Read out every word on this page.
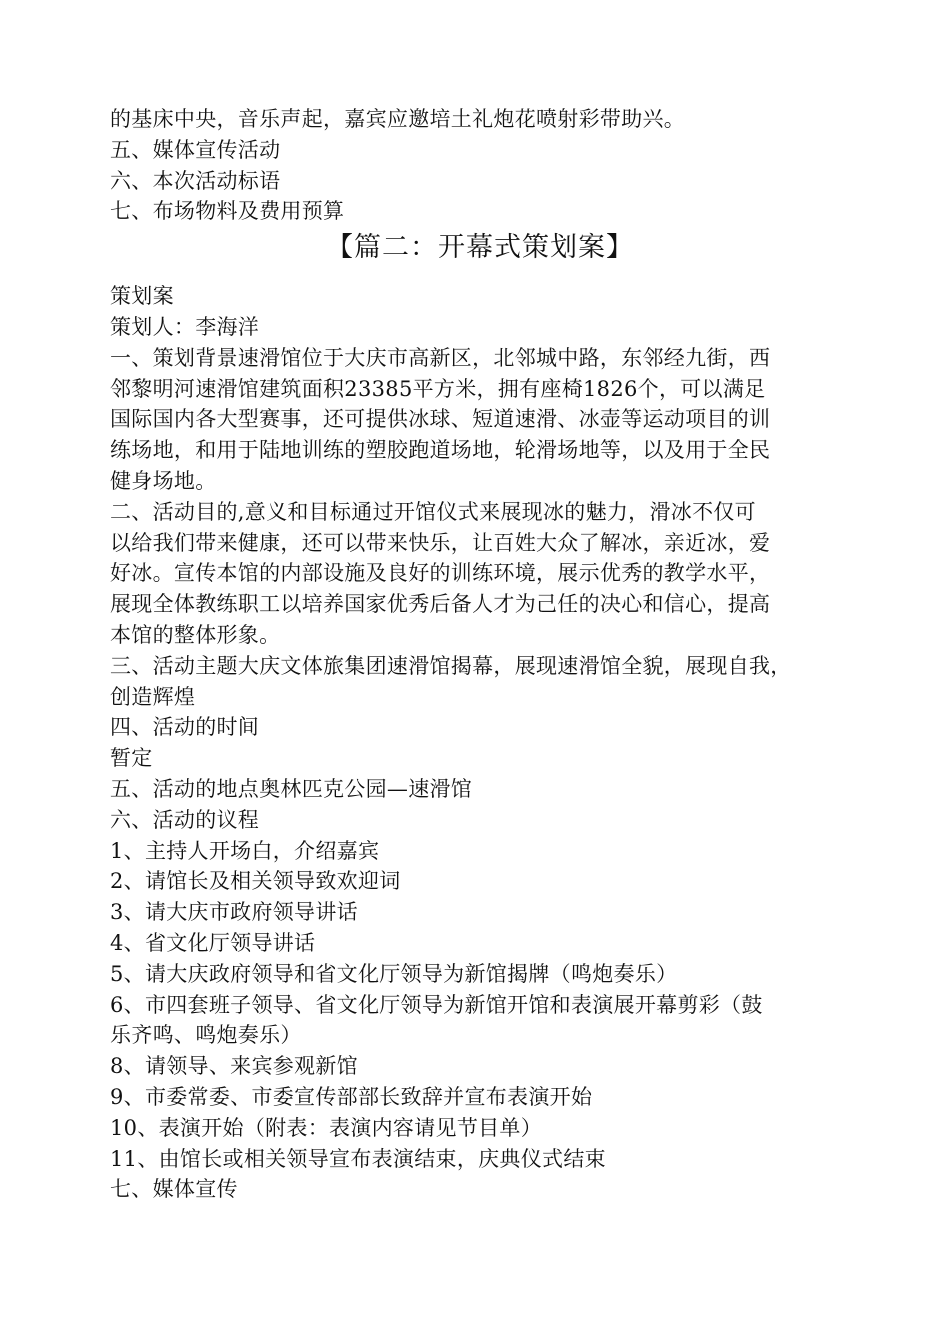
的基床中央，音乐声起，嘉宾应邀培土礼炮花喷射彩带助兴。
五、媒体宣传活动
六、本次活动标语
七、布场物料及费用预算
【篇二：开幕式策划案】
策划案
策划人：李海洋
一、策划背景速滑馆位于大庆市高新区，北邻城中路，东邻经九街，西
邻黎明河速滑馆建筑面积23385平方米，拥有座椅1826个，可以满足
国际国内各大型赛事，还可提供冰球、短道速滑、冰壶等运动项目的训
练场地，和用于陆地训练的塑胶跑道场地，轮滑场地等，以及用于全民
健身场地。
二、活动目的,意义和目标通过开馆仪式来展现冰的魅力，滑冰不仅可
以给我们带来健康，还可以带来快乐，让百姓大众了解冰，亲近冰，爱
好冰。宣传本馆的内部设施及良好的训练环境，展示优秀的教学水平，
展现全体教练职工以培养国家优秀后备人才为己任的决心和信心，提高
本馆的整体形象。
三、活动主题大庆文体旅集团速滑馆揭幕，展现速滑馆全貌，展现自我，
创造辉煌
四、活动的时间
暂定
五、活动的地点奥林匹克公园—速滑馆
六、活动的议程
1、主持人开场白，介绍嘉宾
2、请馆长及相关领导致欢迎词
3、请大庆市政府领导讲话
4、省文化厅领导讲话
5、请大庆政府领导和省文化厅领导为新馆揭牌（鸣炮奏乐）
6、市四套班子领导、省文化厅领导为新馆开馆和表演展开幕剪彩（鼓
乐齐鸣、鸣炮奏乐）
8、请领导、来宾参观新馆
9、市委常委、市委宣传部部长致辞并宣布表演开始
10、表演开始（附表：表演内容请见节目单）
11、由馆长或相关领导宣布表演结束，庆典仪式结束
七、媒体宣传
